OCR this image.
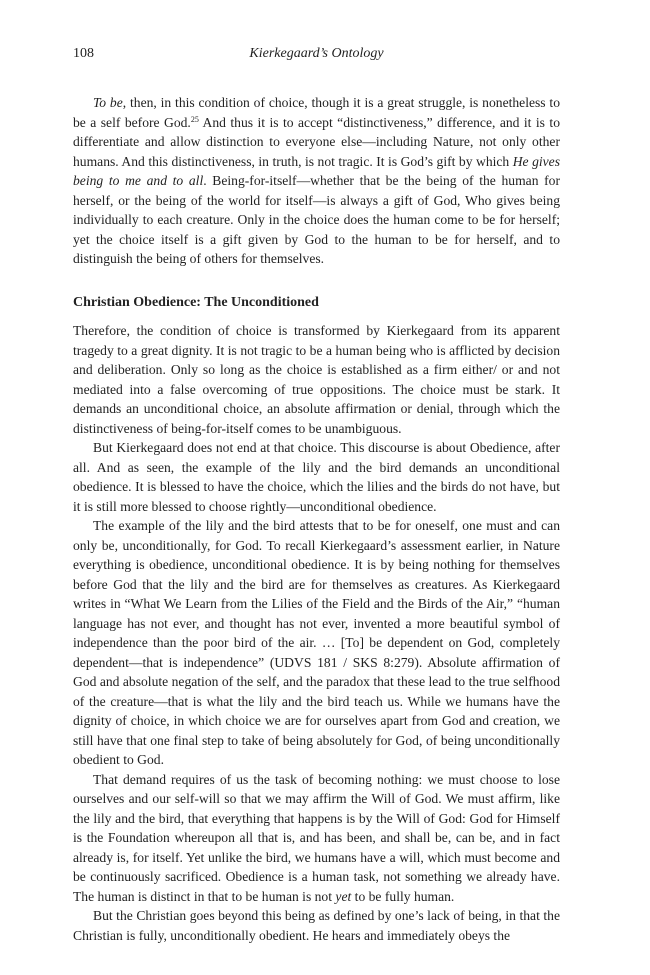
108	Kierkegaard’s Ontology

To be, then, in this condition of choice, though it is a great struggle, is nonetheless to be a self before God.$^{25}$ And thus it is to accept “distinctiveness,” difference, and it is to differentiate and allow distinction to everyone else—including Nature, not only other humans. And this distinctiveness, in truth, is not tragic. It is God’s gift by which He gives being to me and to all. Being-for-itself—whether that be the being of the human for herself, or the being of the world for itself—is always a gift of God, Who gives being individually to each creature. Only in the choice does the human come to be for herself; yet the choice itself is a gift given by God to the human to be for herself, and to distinguish the being of others for themselves.

Christian Obedience: The Unconditioned

Therefore, the condition of choice is transformed by Kierkegaard from its apparent tragedy to a great dignity. It is not tragic to be a human being who is afflicted by decision and deliberation. Only so long as the choice is established as a firm either/ or and not mediated into a false overcoming of true oppositions. The choice must be stark. It demands an unconditional choice, an absolute affirmation or denial, through which the distinctiveness of being-for-itself comes to be unambiguous.

But Kierkegaard does not end at that choice. This discourse is about Obedience, after all. And as seen, the example of the lily and the bird demands an unconditional obedience. It is blessed to have the choice, which the lilies and the birds do not have, but it is still more blessed to choose rightly—unconditional obedience.

The example of the lily and the bird attests that to be for oneself, one must and can only be, unconditionally, for God. To recall Kierkegaard’s assessment earlier, in Nature everything is obedience, unconditional obedience. It is by being nothing for themselves before God that the lily and the bird are for themselves as creatures. As Kierkegaard writes in “What We Learn from the Lilies of the Field and the Birds of the Air,” “human language has not ever, and thought has not ever, invented a more beautiful symbol of independence than the poor bird of the air. … [To] be dependent on God, completely dependent—that is independence” (UDVS 181 / SKS 8:279). Absolute affirmation of God and absolute negation of the self, and the paradox that these lead to the true selfhood of the creature—that is what the lily and the bird teach us. While we humans have the dignity of choice, in which choice we are for ourselves apart from God and creation, we still have that one final step to take of being absolutely for God, of being unconditionally obedient to God.

That demand requires of us the task of becoming nothing: we must choose to lose ourselves and our self-will so that we may affirm the Will of God. We must affirm, like the lily and the bird, that everything that happens is by the Will of God: God for Himself is the Foundation whereupon all that is, and has been, and shall be, can be, and in fact already is, for itself. Yet unlike the bird, we humans have a will, which must become and be continuously sacrificed. Obedience is a human task, not something we already have. The human is distinct in that to be human is not yet to be fully human.

But the Christian goes beyond this being as defined by one’s lack of being, in that the Christian is fully, unconditionally obedient. He hears and immediately obeys the
